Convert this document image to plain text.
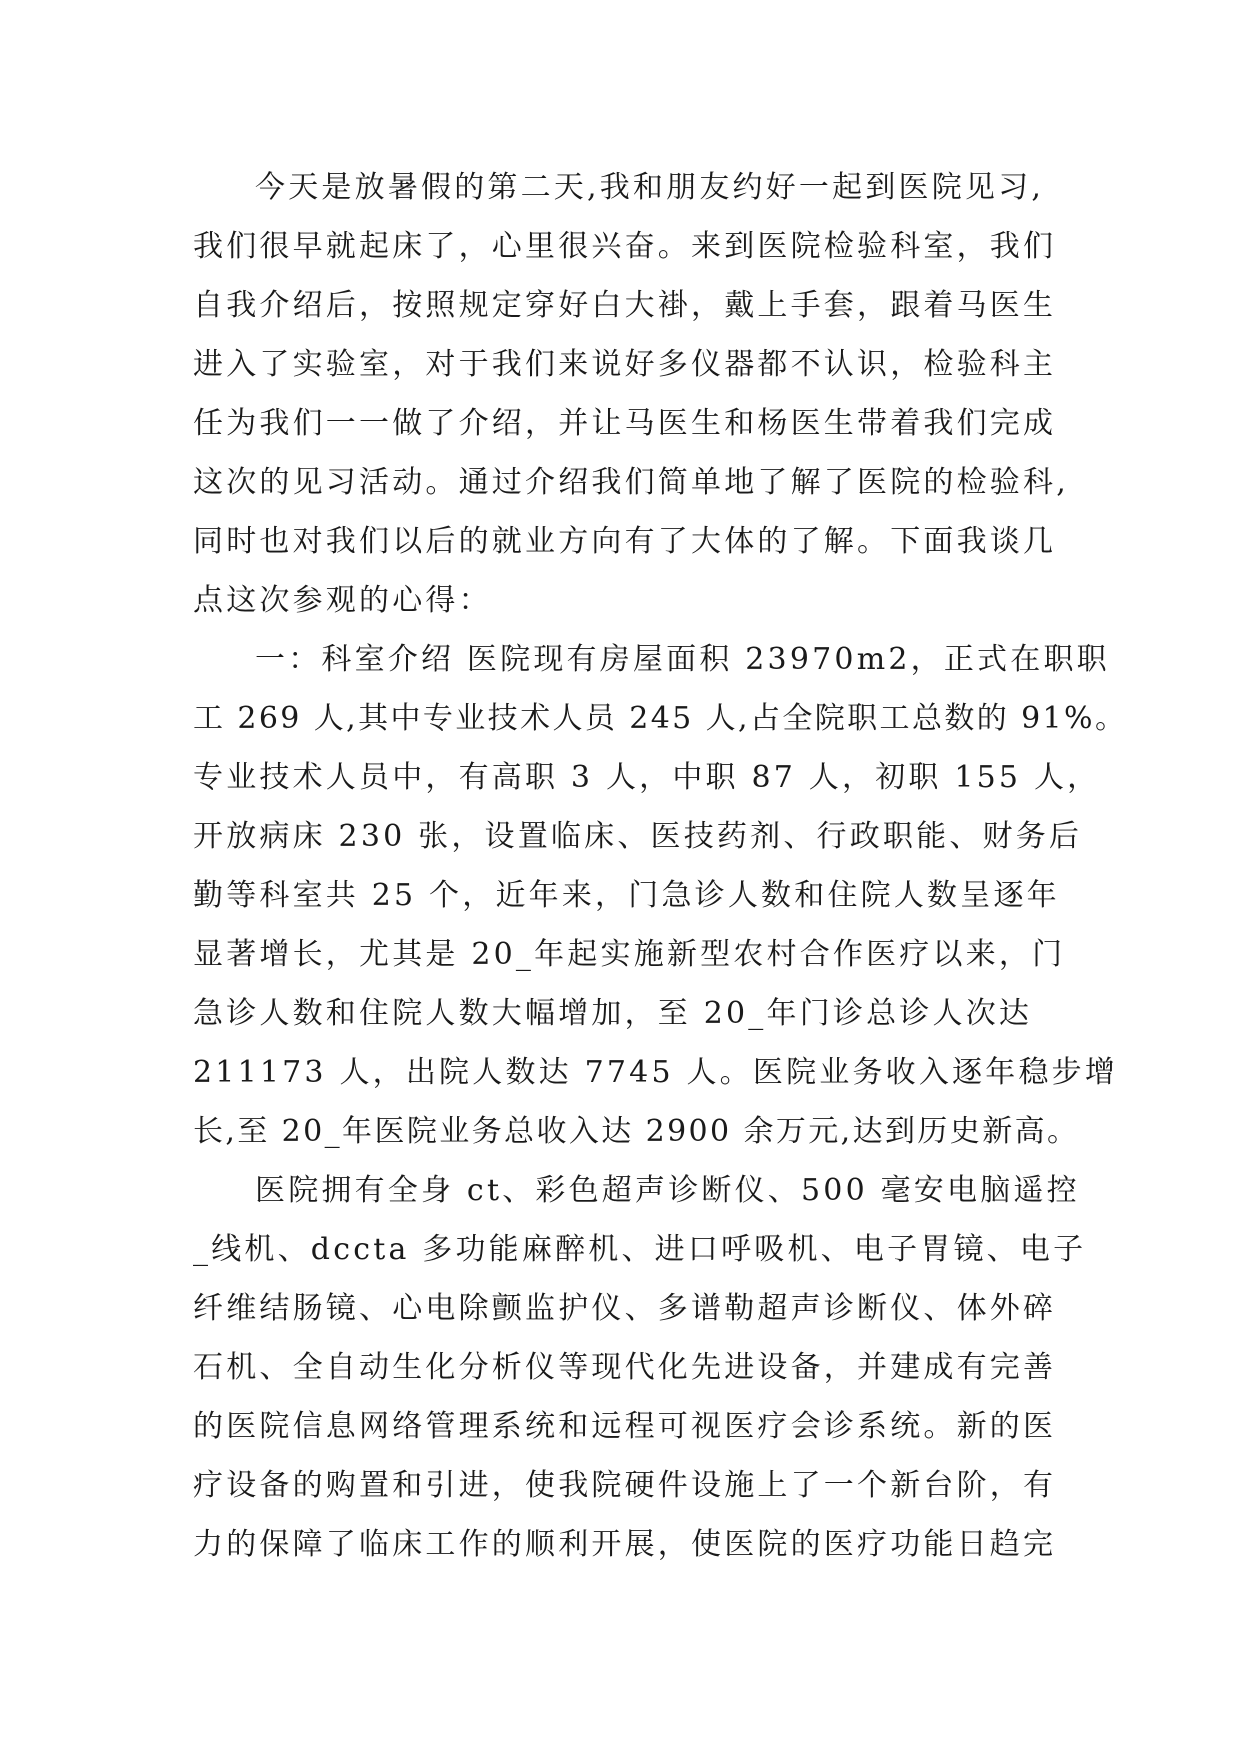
今天是放暑假的第二天,我和朋友约好一起到医院见习,
我们很早就起床了，心里很兴奋。来到医院检验科室，我们
自我介绍后，按照规定穿好白大褂，戴上手套，跟着马医生
进入了实验室，对于我们来说好多仪器都不认识，检验科主
任为我们一一做了介绍，并让马医生和杨医生带着我们完成
这次的见习活动。通过介绍我们简单地了解了医院的检验科,
同时也对我们以后的就业方向有了大体的了解。下面我谈几
点这次参观的心得：
一：科室介绍 医院现有房屋面积 23970m2，正式在职职
工 269 人,其中专业技术人员 245 人,占全院职工总数的 91%。
专业技术人员中，有高职 3 人，中职 87 人，初职 155 人，
开放病床 230 张，设置临床、医技药剂、行政职能、财务后
勤等科室共 25 个，近年来，门急诊人数和住院人数呈逐年
显著增长，尤其是 20_年起实施新型农村合作医疗以来，门
急诊人数和住院人数大幅增加，至 20_年门诊总诊人次达
211173 人，出院人数达 7745 人。医院业务收入逐年稳步增
长,至 20_年医院业务总收入达 2900 余万元,达到历史新高。
医院拥有全身 ct、彩色超声诊断仪、500 毫安电脑遥控
_线机、dccta 多功能麻醉机、进口呼吸机、电子胃镜、电子
纤维结肠镜、心电除颤监护仪、多谱勒超声诊断仪、体外碎
石机、全自动生化分析仪等现代化先进设备，并建成有完善
的医院信息网络管理系统和远程可视医疗会诊系统。新的医
疗设备的购置和引进，使我院硬件设施上了一个新台阶，有
力的保障了临床工作的顺利开展，使医院的医疗功能日趋完
